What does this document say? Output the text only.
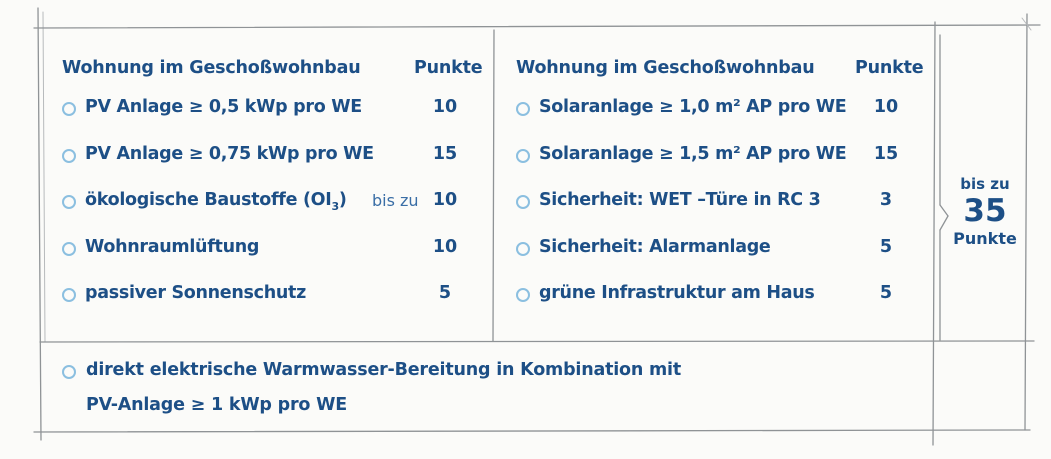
Wohnung im Geschoßwohnbau	Punkte
PV Anlage ≥ 0,5 kWp pro WE	10
PV Anlage ≥ 0,75 kWp pro WE	15
ökologische Baustoffe $(OI_3)$ bis zu 10
Wohnraumlüftung	10
passiver Sonnenschutz	5
Wohnung im Geschoßwohnbau Punkte
Solaranlage ≥ 1,0 m² AP pro WE	10
Solaranlage ≥ 1,5 m² AP pro WE	15
Sicherheit: WET –Türe in RC 3	3
Sicherheit: Alarmanlage	5
grüne Infrastruktur am Haus	5
bis zu
35
Punkte
direkt elektrische Warmwasser-Bereitung in Kombination mit
PV-Anlage ≥ 1 kWp pro WE
